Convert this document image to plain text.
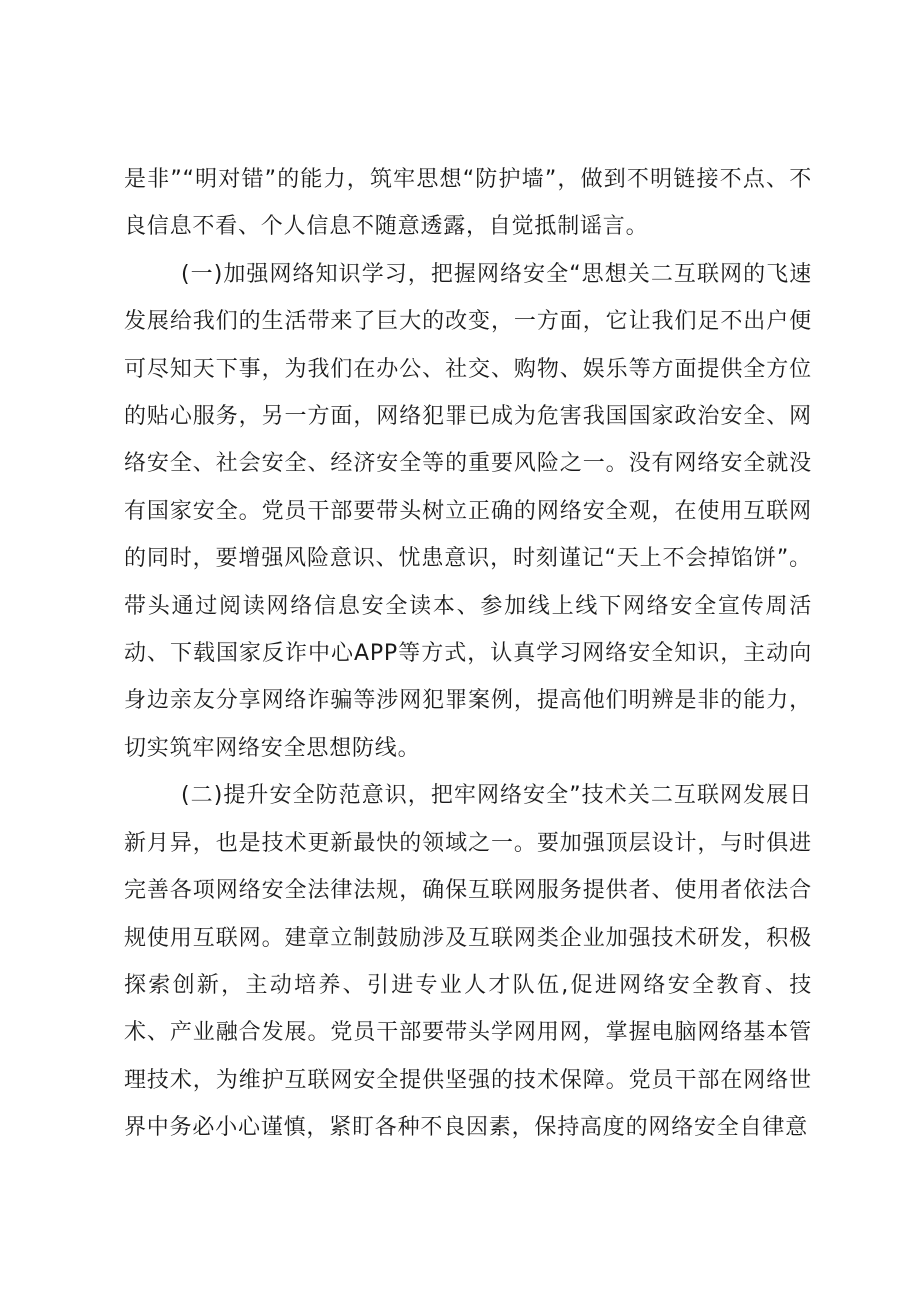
是非”“明对错”的能力，筑牢思想“防护墙”，做到不明链接不点、不良信息不看、个人信息不随意透露，自觉抵制谣言。

(一)加强网络知识学习，把握网络安全“思想关二互联网的飞速发展给我们的生活带来了巨大的改变，一方面，它让我们足不出户便可尽知天下事，为我们在办公、社交、购物、娱乐等方面提供全方位的贴心服务，另一方面，网络犯罪已成为危害我国国家政治安全、网络安全、社会安全、经济安全等的重要风险之一。没有网络安全就没有国家安全。党员干部要带头树立正确的网络安全观，在使用互联网的同时，要增强风险意识、忧患意识，时刻谨记“天上不会掉馅饼”。带头通过阅读网络信息安全读本、参加线上线下网络安全宣传周活动、下载国家反诈中心APP等方式，认真学习网络安全知识，主动向身边亲友分享网络诈骗等涉网犯罪案例，提高他们明辨是非的能力，切实筑牢网络安全思想防线。

(二)提升安全防范意识，把牢网络安全”技术关二互联网发展日新月异，也是技术更新最快的领域之一。要加强顶层设计，与时俱进完善各项网络安全法律法规，确保互联网服务提供者、使用者依法合规使用互联网。建章立制鼓励涉及互联网类企业加强技术研发，积极探索创新，主动培养、引进专业人才队伍,促进网络安全教育、技术、产业融合发展。党员干部要带头学网用网，掌握电脑网络基本管理技术，为维护互联网安全提供坚强的技术保障。党员干部在网络世界中务必小心谨慎，紧盯各种不良因素，保持高度的网络安全自律意
